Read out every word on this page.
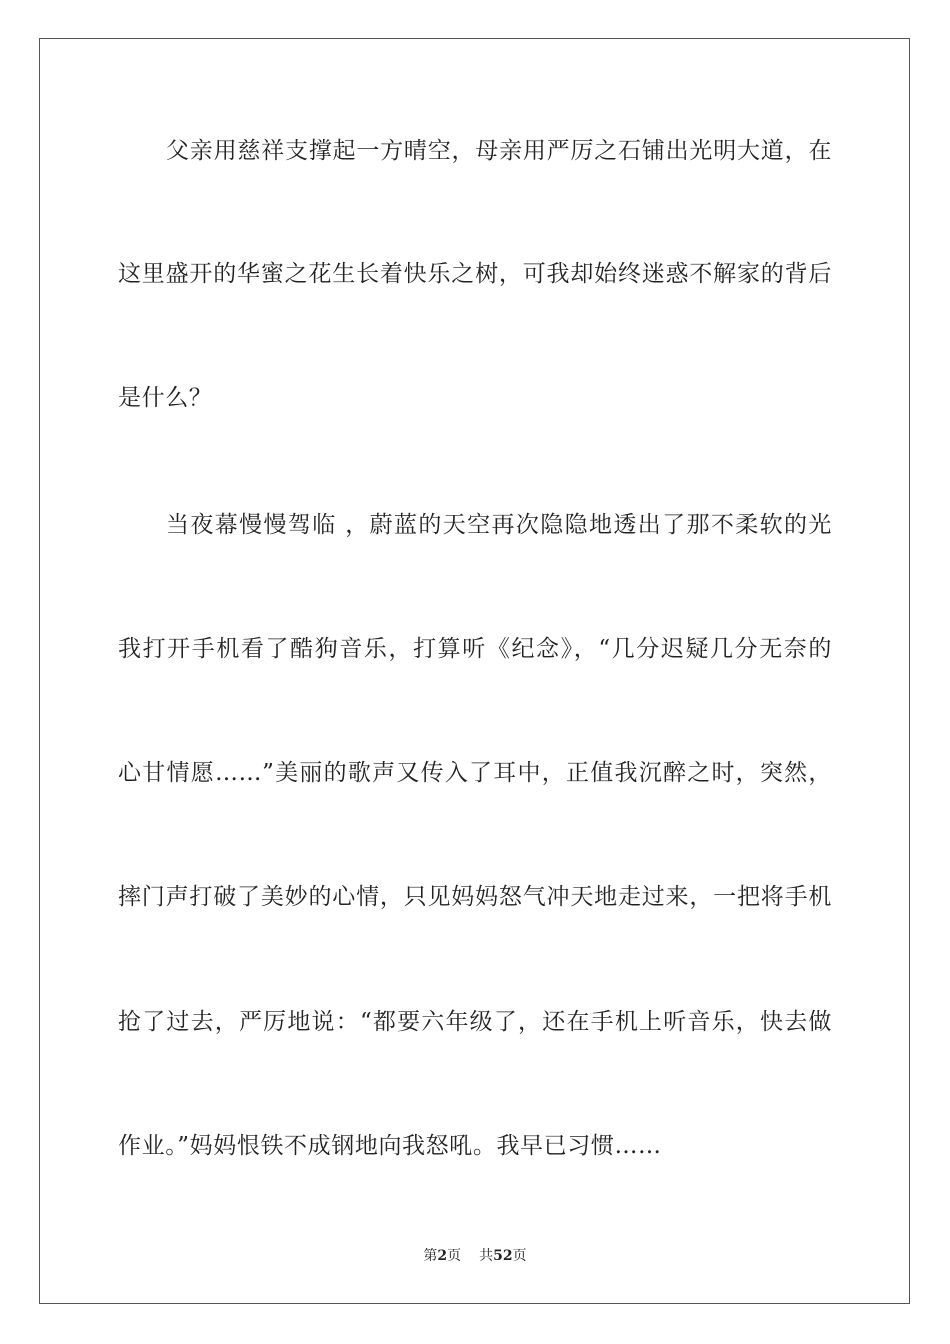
父亲用慈祥支撑起一方晴空，母亲用严厉之石铺出光明大道，在
这里盛开的华蜜之花生长着快乐之树，可我却始终迷惑不解家的背后
是什么？
当夜幕慢慢驾临 ，蔚蓝的天空再次隐隐地透出了那不柔软的光
我打开手机看了酷狗音乐，打算听《纪念》，“几分迟疑几分无奈的
心甘情愿……”美丽的歌声又传入了耳中，正值我沉醉之时，突然，
摔门声打破了美妙的心情，只见妈妈怒气冲天地走过来，一把将手机
抢了过去，严厉地说：“都要六年级了，还在手机上听音乐，快去做
作业。”妈妈恨铁不成钢地向我怒吼。我早已习惯……
第2页 共52页
